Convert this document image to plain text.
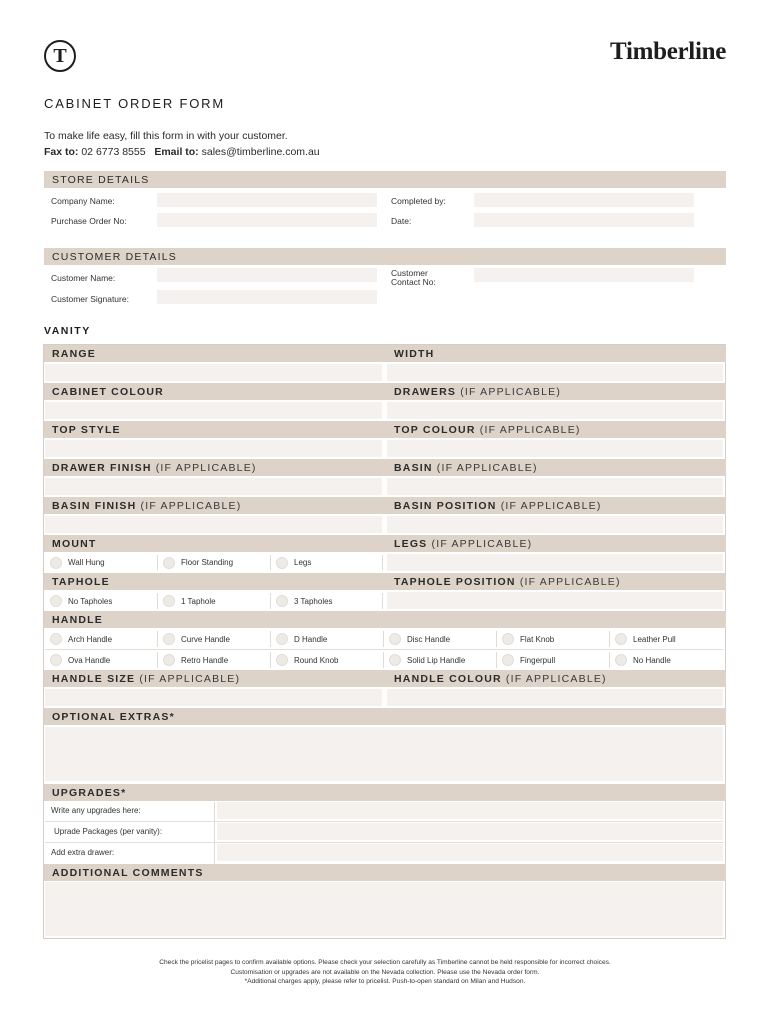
T	Timberline
CABINET ORDER FORM
To make life easy, fill this form in with your customer.
Fax to: 02 6773 8555 Email to: sales@timberline.com.au
STORE DETAILS
Company Name:	Completed by:
Purchase Order No:	Date:
CUSTOMER DETAILS
Customer Name:	Customer
Contact No:
Customer Signature:
VANITY
RANGE	WIDTH
CABINET COLOUR	DRAWERS
(IF APPLICABLE)
TOP STYLE	TOP COLOUR
(IF APPLICABLE)
DRAWER FINISH (IF APPLICABLE)	BASIN
(IF APPLICABLE)
BASIN FINISH (IF APPLICABLE)	BASIN POSITION
(IF APPLICABLE)
MOUNT	LEGS
(IF APPLICABLE)
Wall Hung	Floor Standing	Legs
TAPHOLE	TAPHOLE POSITION
(IF APPLICABLE)
No Tapholes	1 Taphole	3 Tapholes
HANDLE
Arch Handle	Curve Handle	D Handle	Disc Handle	Flat Knob	Leather Pull
Ova Handle	Retro Handle	Round Knob	Solid Lip Handle	Fingerpull	No Handle
HANDLE SIZE (IF APPLICABLE)	HANDLE COLOUR
(IF APPLICABLE)
OPTIONAL EXTRAS*
UPGRADES*
Write any upgrades here:
Uprade Packages (per vanity):
Add extra drawer:
ADDITIONAL COMMENTS
Check the pricelist pages to confirm available options. Please check your selection carefully as Timberline cannot be held responsible for incorrect choices.
Customisation or upgrades are not available on the Nevada collection. Please use the Nevada order form.
*Additional charges apply, please refer to pricelist. Push-to-open standard on Milan and Hudson.
